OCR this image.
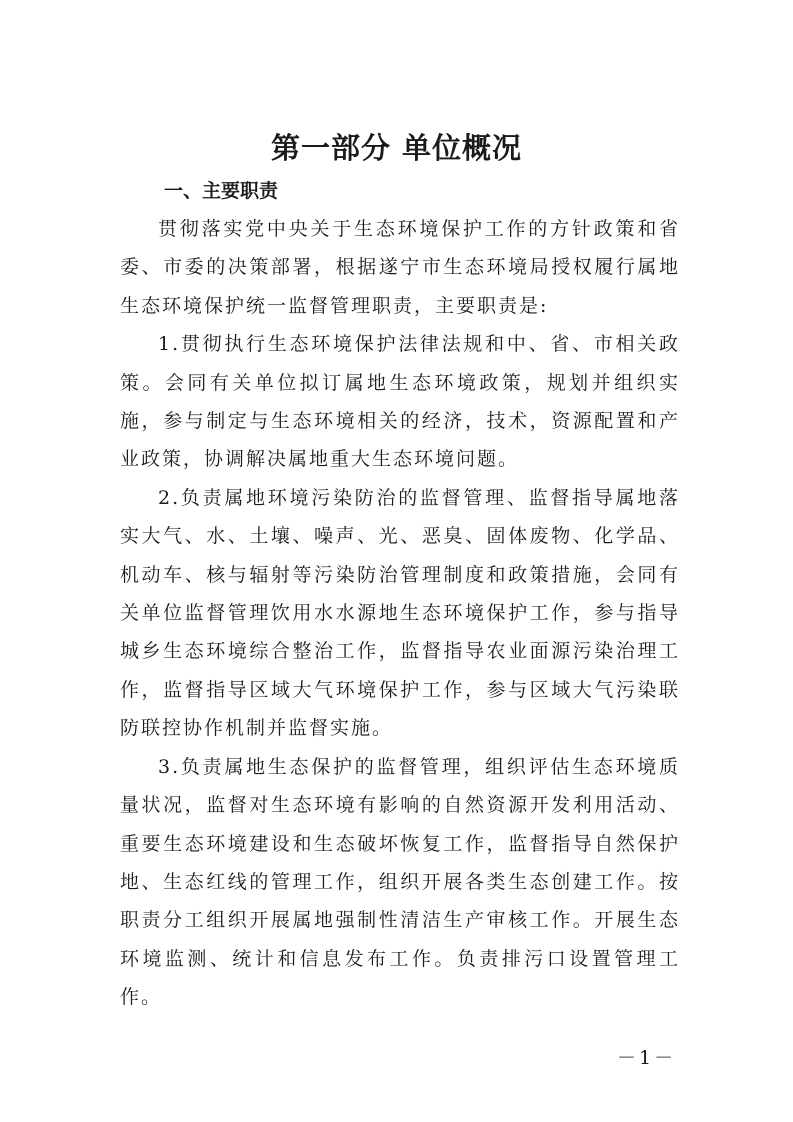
第一部分 单位概况
一、主要职责

贯彻落实党中央关于生态环境保护工作的方针政策和省委、市委的决策部署，根据遂宁市生态环境局授权履行属地生态环境保护统一监督管理职责，主要职责是:

1.贯彻执行生态环境保护法律法规和中、省、市相关政策。会同有关单位拟订属地生态环境政策，规划并组织实施，参与制定与生态环境相关的经济，技术，资源配置和产业政策，协调解决属地重大生态环境问题。

2.负责属地环境污染防治的监督管理、监督指导属地落实大气、水、土壤、噪声、光、恶臭、固体废物、化学品、机动车、核与辐射等污染防治管理制度和政策措施，会同有关单位监督管理饮用水水源地生态环境保护工作，参与指导城乡生态环境综合整治工作，监督指导农业面源污染治理工作，监督指导区域大气环境保护工作，参与区域大气污染联防联控协作机制并监督实施。

3.负责属地生态保护的监督管理，组织评估生态环境质量状况，监督对生态环境有影响的自然资源开发利用活动、重要生态环境建设和生态破坏恢复工作，监督指导自然保护地、生态红线的管理工作，组织开展各类生态创建工作。按职责分工组织开展属地强制性清洁生产审核工作。开展生态环境监测、统计和信息发布工作。负责排污口设置管理工作。

－1－
